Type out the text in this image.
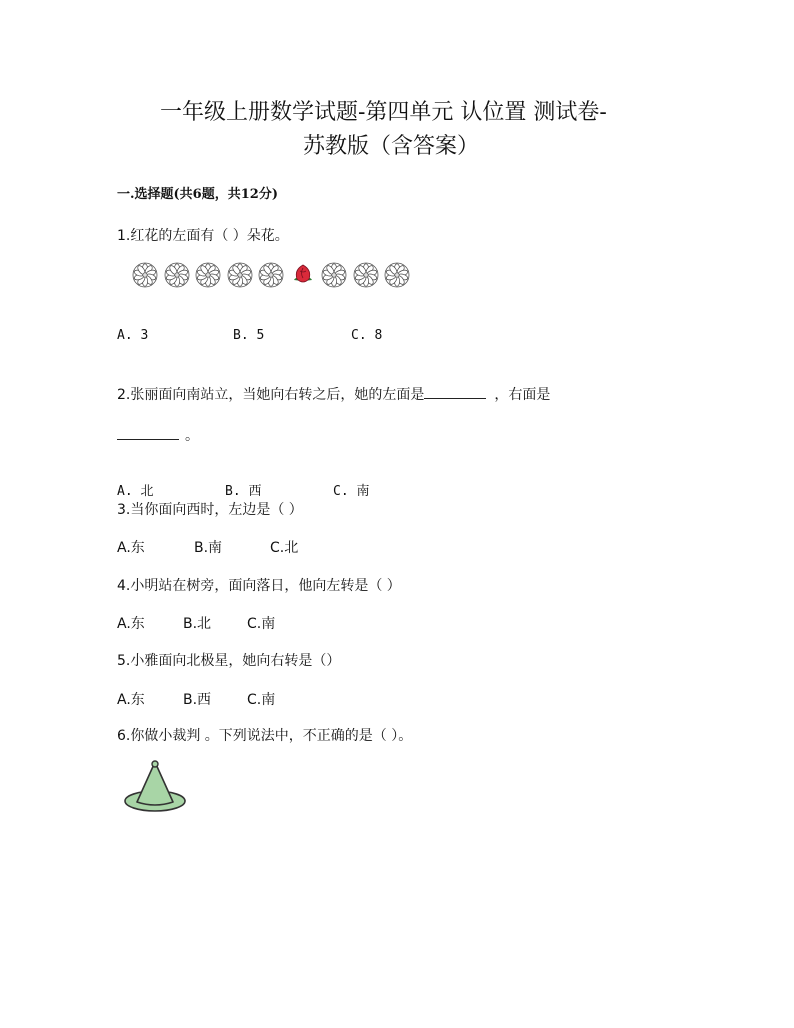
一年级上册数学试题-第四单元 认位置 测试卷-
苏教版（含答案）
一.选择题(共6题，共12分)
1.红花的左面有（ ）朵花。
A. 3	B. 5	C. 8
2.张丽面向南站立，当她向右转之后，她的左面是	，右面是
。
A. 北	B. 西	C. 南
3.当你面向西时，左边是（ ）
A.东	B.南	C.北
4.小明站在树旁，面向落日，他向左转是（ ）
A.东	B.北	C.南
5.小雅面向北极星，她向右转是（）
A.东	B.西	C.南
6.你做小裁判 。下列说法中，不正确的是（ ）。
